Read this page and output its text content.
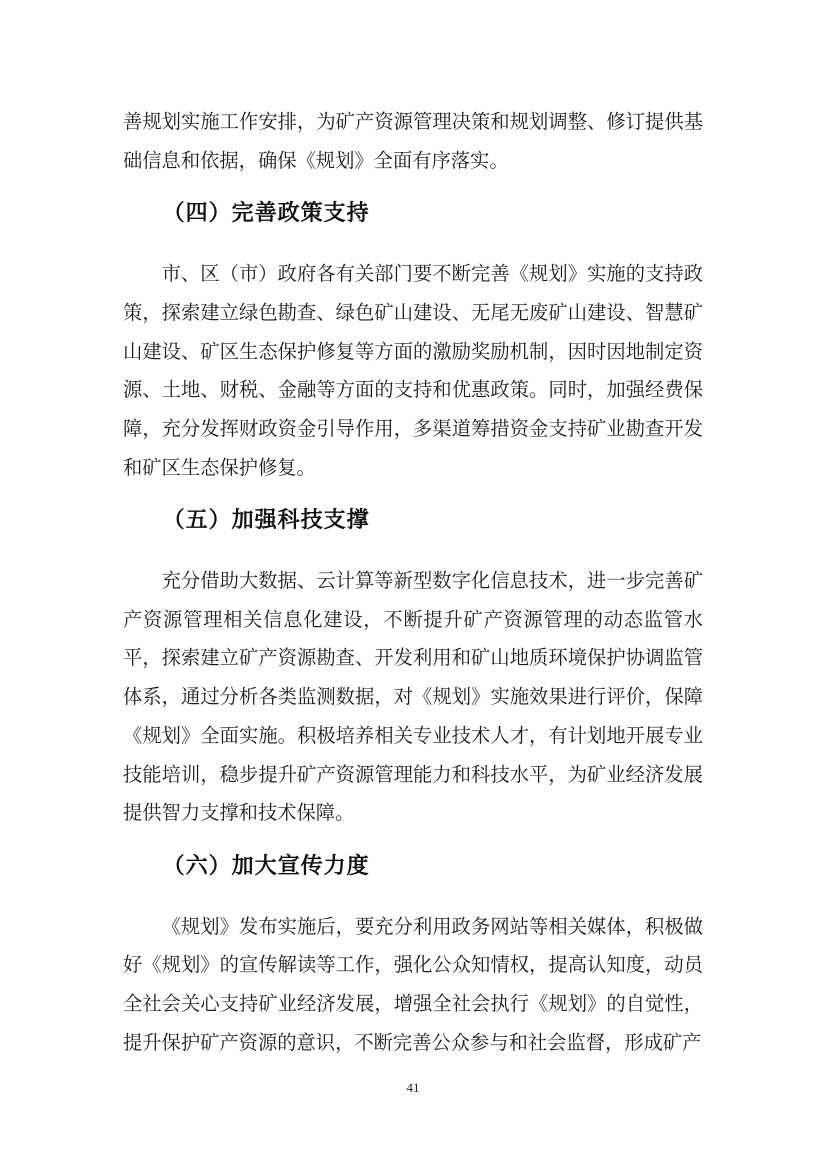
善规划实施工作安排，为矿产资源管理决策和规划调整、修订提供基础信息和依据，确保《规划》全面有序落实。

（四）完善政策支持

市、区（市）政府各有关部门要不断完善《规划》实施的支持政策，探索建立绿色勘查、绿色矿山建设、无尾无废矿山建设、智慧矿山建设、矿区生态保护修复等方面的激励奖励机制，因时因地制定资源、土地、财税、金融等方面的支持和优惠政策。同时，加强经费保障，充分发挥财政资金引导作用，多渠道筹措资金支持矿业勘查开发和矿区生态保护修复。

（五）加强科技支撑

充分借助大数据、云计算等新型数字化信息技术，进一步完善矿产资源管理相关信息化建设，不断提升矿产资源管理的动态监管水平，探索建立矿产资源勘查、开发利用和矿山地质环境保护协调监管体系，通过分析各类监测数据，对《规划》实施效果进行评价，保障《规划》全面实施。积极培养相关专业技术人才，有计划地开展专业技能培训，稳步提升矿产资源管理能力和科技水平，为矿业经济发展提供智力支撑和技术保障。

（六）加大宣传力度

《规划》发布实施后，要充分利用政务网站等相关媒体，积极做好《规划》的宣传解读等工作，强化公众知情权，提高认知度，动员全社会关心支持矿业经济发展，增强全社会执行《规划》的自觉性，提升保护矿产资源的意识，不断完善公众参与和社会监督，形成矿产

41
